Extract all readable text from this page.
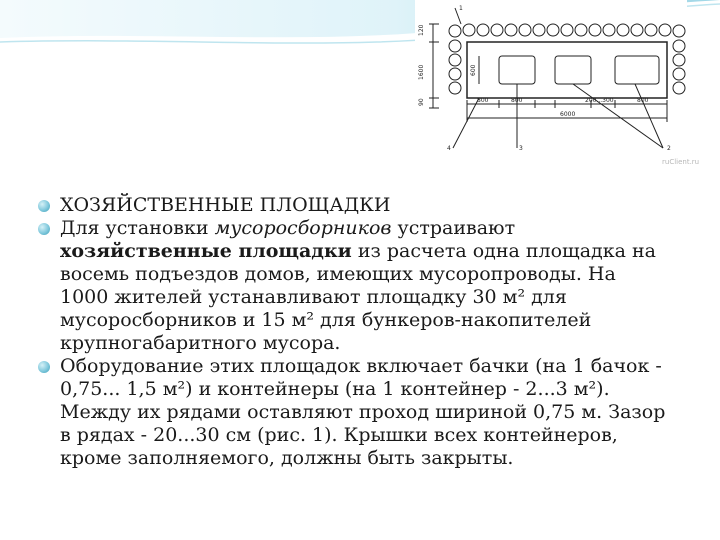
120
1600
90
600
800	800	200...300	800
6000
1
2
3
4
ruСlient.ru
ХОЗЯЙСТВЕННЫЕ ПЛОЩАДКИ
Для установки мусоросборников устраивают хозяйственные площадки из расчета одна площадка на восемь подъездов домов, имеющих мусоропроводы. На 1000 жителей устанавливают площадку 30 м² для мусоросборников и 15 м² для бункеров-накопителей крупногабаритного мусора.
Оборудование этих площадок включает бачки (на 1 бачок - 0,75... 1,5 м²) и контейнеры (на 1 контейнер - 2...3 м²). Между их рядами оставляют проход шириной 0,75 м. Зазор в рядах - 20...30 см (рис. 1). Крышки всех контейнеров, кроме заполняемого, должны быть закрыты.
